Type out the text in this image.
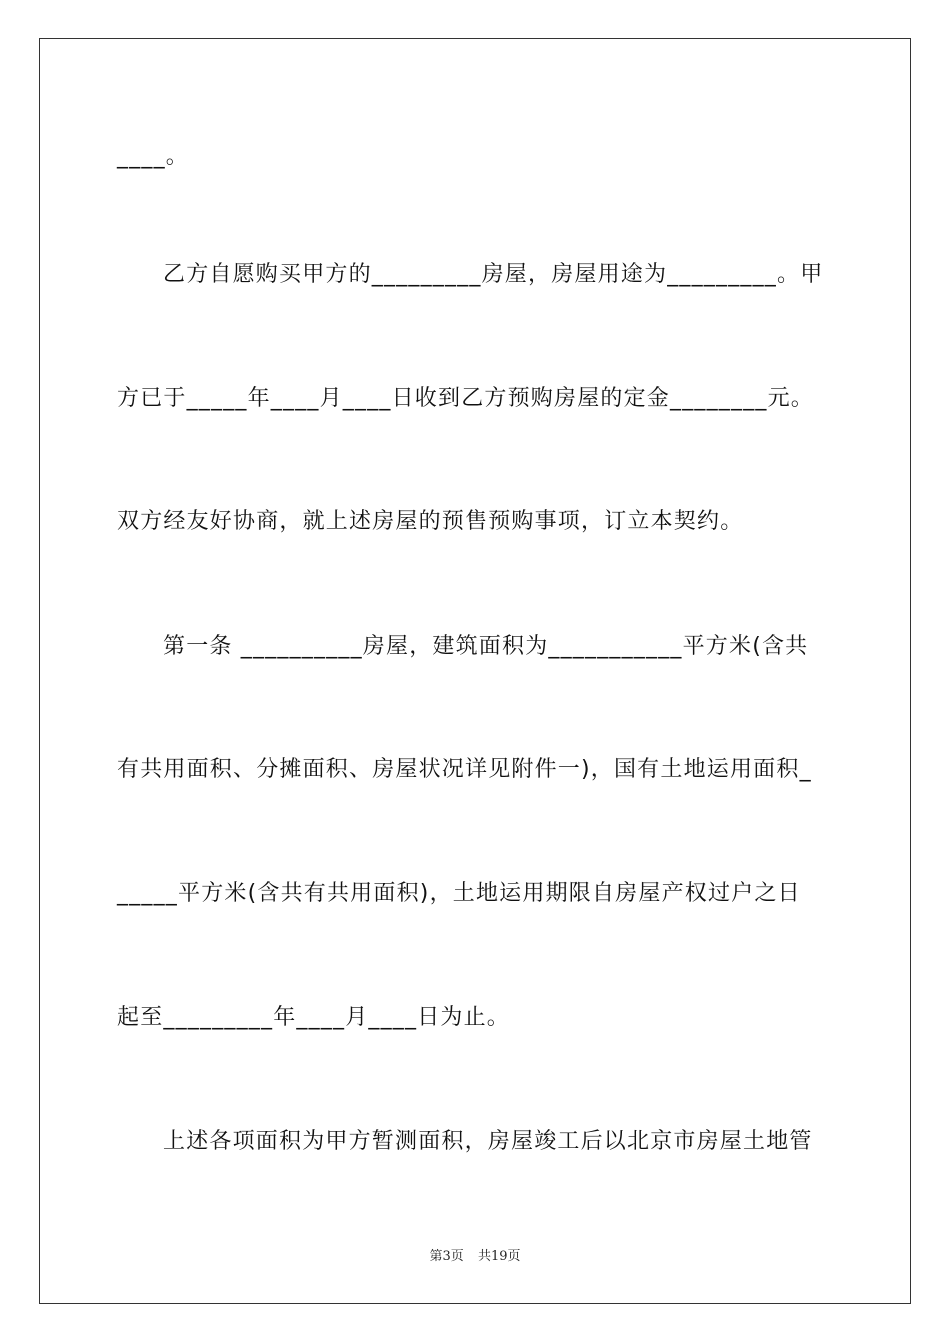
____。
乙方自愿购买甲方的_________房屋，房屋用途为_________。甲
方已于_____年____月____日收到乙方预购房屋的定金________元。
双方经友好协商，就上述房屋的预售预购事项，订立本契约。
第一条 __________房屋，建筑面积为___________平方米(含共
有共用面积、分摊面积、房屋状况详见附件一)，国有土地运用面积_
_____平方米(含共有共用面积)，土地运用期限自房屋产权过户之日
起至_________年____月____日为止。
上述各项面积为甲方暂测面积，房屋竣工后以北京市房屋土地管
第3页 共19页
